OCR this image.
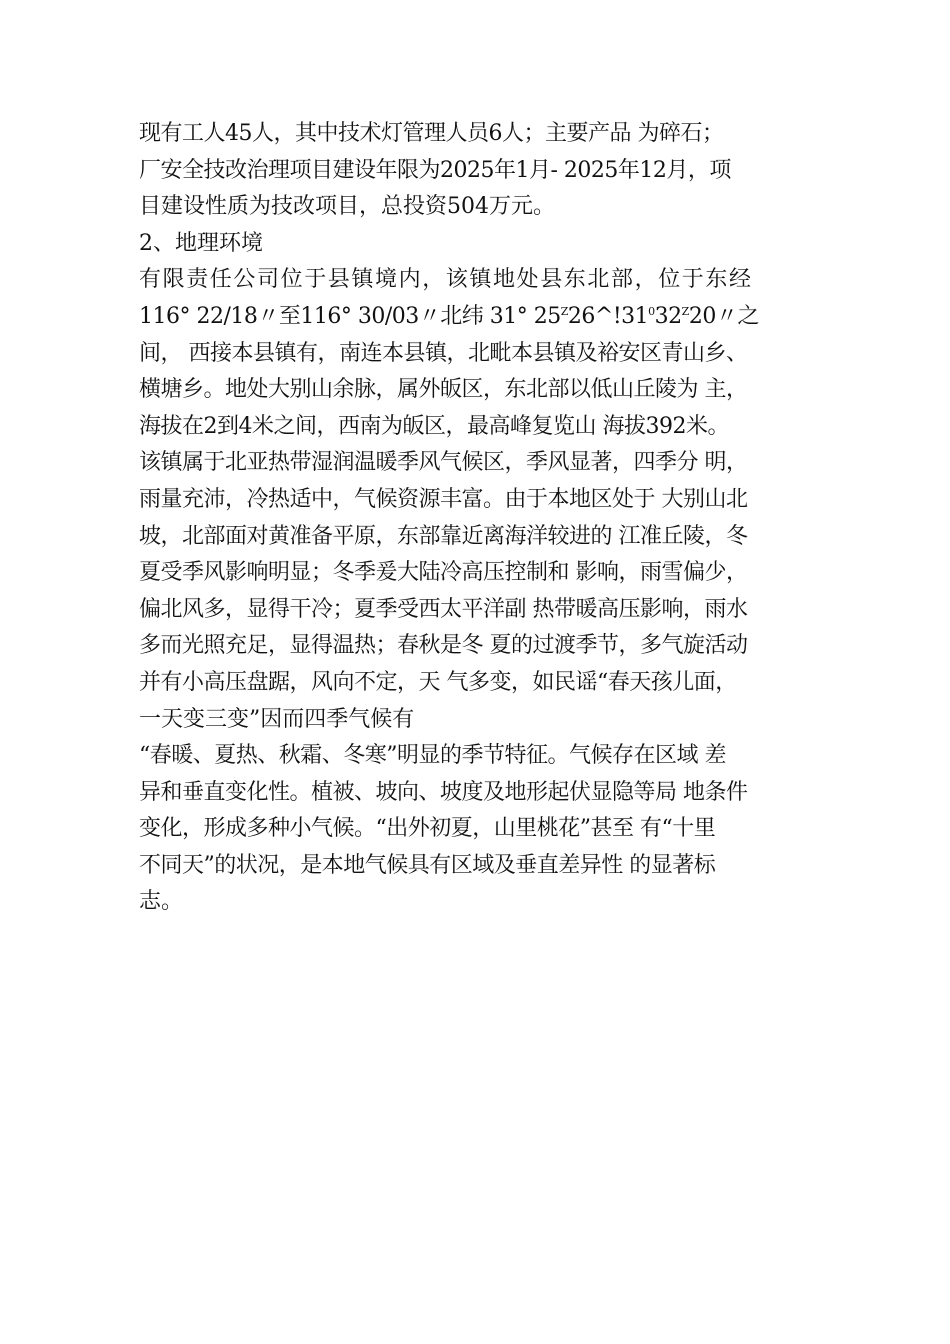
现有工人45人，其中技术灯管理人员6人；主要产品 为碎石；
厂安全技改治理项目建设年限为2025年1月- 2025年12月，项
目建设性质为技改项目，总投资504万元。
2、地理环境
有限责任公司位于县镇境内，该镇地处县东北部，位于东经
116° 22/18〃至116° 30/03〃北纬 31° $25^Z26\^{}!31^032^Z20$〃之
间， 西接本县镇有，南连本县镇，北毗本县镇及裕安区青山乡、
横塘乡。地处大别山余脉，属外皈区，东北部以低山丘陵为 主，
海拔在2到4米之间，西南为皈区，最高峰复览山 海拔392米。
该镇属于北亚热带湿润温暖季风气候区，季风显著，四季分 明，
雨量充沛，冷热适中，气候资源丰富。由于本地区处于 大别山北
坡，北部面对黄准备平原，东部靠近离海洋较进的 江准丘陵，冬
夏受季风影响明显；冬季爰大陆冷高压控制和 影响，雨雪偏少，
偏北风多，显得干冷；夏季受西太平洋副 热带暖高压影响，雨水
多而光照充足，显得温热；春秋是冬 夏的过渡季节，多气旋活动
并有小高压盘踞，风向不定，天 气多变，如民谣“春天孩儿面，
一天变三变”因而四季气候有
“春暖、夏热、秋霜、冬寒”明显的季节特征。气候存在区域 差
异和垂直变化性。植被、坡向、坡度及地形起伏显隐等局 地条件
变化，形成多种小气候。“出外初夏，山里桃花”甚至 有“十里
不同天”的状况，是本地气候具有区域及垂直差异性 的显著标
志。
